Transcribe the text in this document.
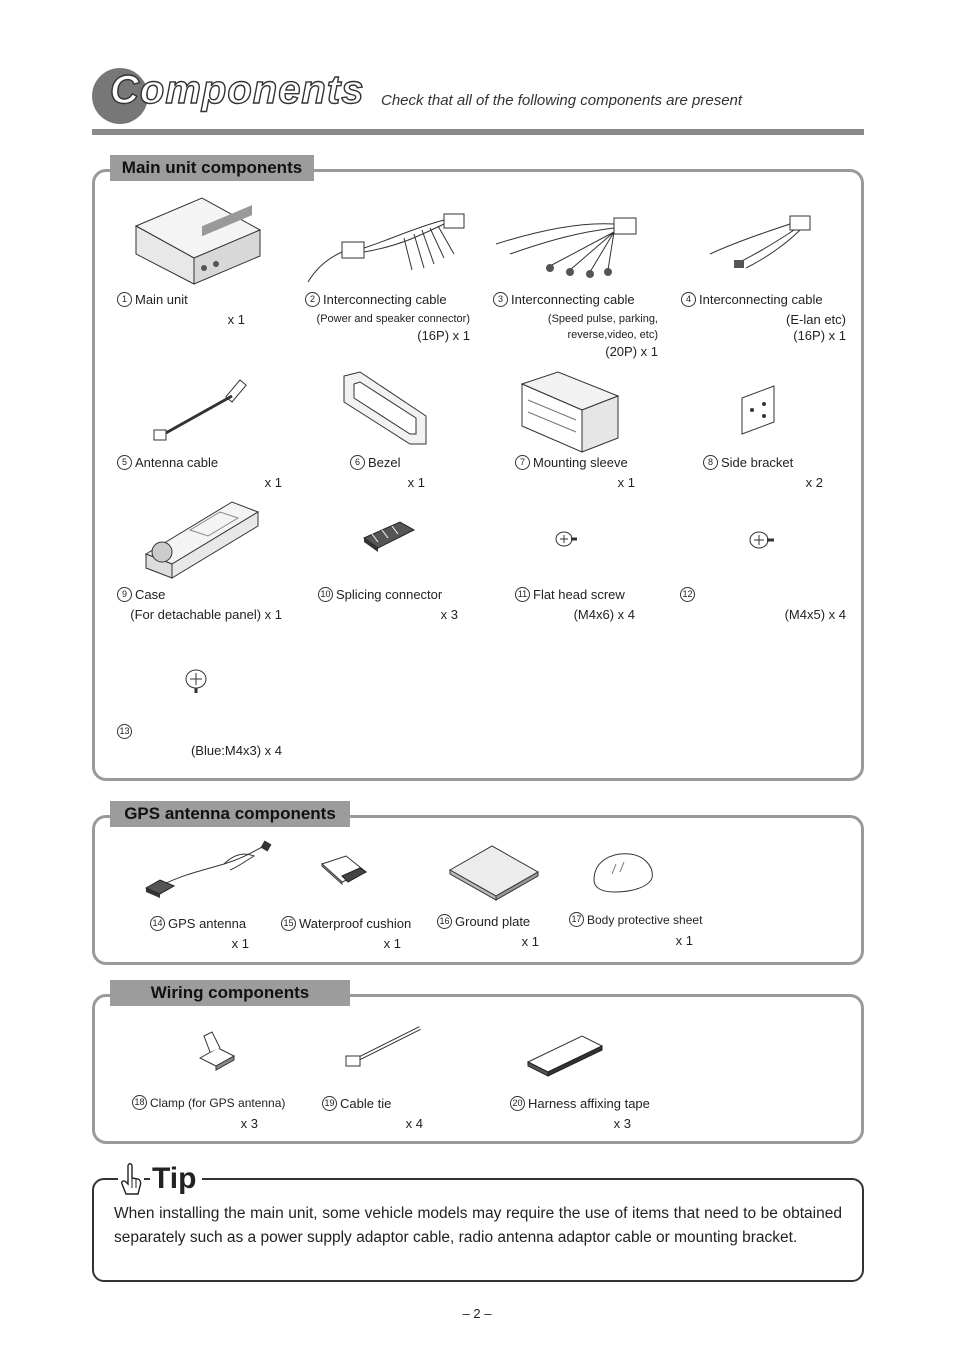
Components Check that all of the following components are present
Main unit components
1 Main unit
x 1
2 Interconnecting cable
(Power and speaker connector)
(16P) x 1
3 Interconnecting cable
(Speed pulse, parking,
reverse,video, etc)
(20P) x 1
4 Interconnecting cable
(E-lan etc)
(16P) x 1
5 Antenna cable
x 1
6 Bezel
x 1
7 Mounting sleeve
x 1
8 Side bracket
x 2
9 Case
(For detachable panel) x 1
10 Splicing connector
x 3
11 Flat head screw
(M4x6) x 4
12
(M4x5) x 4
13
(Blue:M4x3) x 4
GPS antenna components
14 GPS antenna
x 1
15 Waterproof cushion
x 1
16 Ground plate
x 1
17 Body protective sheet
x 1
Wiring components
18 Clamp (for GPS antenna)
x 3
19 Cable tie
x 4
20 Harness affixing tape
x 3
Tip
When installing the main unit, some vehicle models may require the use of items that need to be obtained separately such as a power supply adaptor cable, radio antenna adaptor cable or mounting bracket.
– 2 –
